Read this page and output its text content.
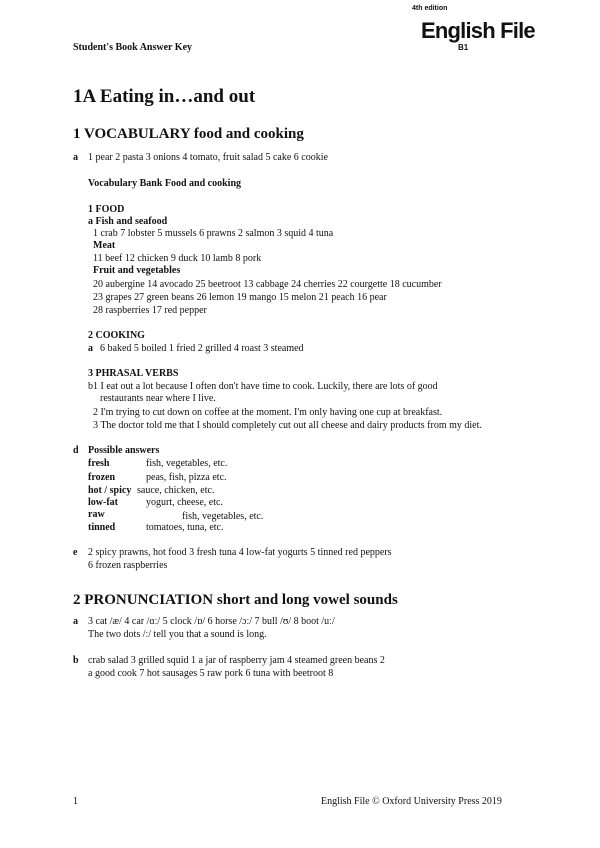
Student's Book Answer Key
4th edition
English File
B1
1A Eating in…and out
1 VOCABULARY food and cooking
a 1 pear 2 pasta 3 onions 4 tomato, fruit salad 5 cake 6 cookie
Vocabulary Bank Food and cooking
1 FOOD
a Fish and seafood
1 crab 7 lobster 5 mussels 6 prawns 2 salmon 3 squid 4 tuna
Meat
11 beef 12 chicken 9 duck 10 lamb 8 pork
Fruit and vegetables
20 aubergine 14 avocado 25 beetroot 13 cabbage 24 cherries 22 courgette 18 cucumber
23 grapes 27 green beans 26 lemon 19 mango 15 melon 21 peach 16 pear
28 raspberries 17 red pepper
2 COOKING
a 6 baked 5 boiled 1 fried 2 grilled 4 roast 3 steamed
3 PHRASAL VERBS
b1 I eat out a lot because I often don't have time to cook. Luckily, there are lots of good
restaurants near where I live.
2 I'm trying to cut down on coffee at the moment. I'm only having one cup at breakfast.
3 The doctor told me that I should completely cut out all cheese and dairy products from my diet.
d Possible answers
fresh	fish, vegetables, etc.
frozen	peas, fish, pizza etc.
hot / spicy sauce, chicken, etc.
low-fat	yogurt, cheese, etc.
raw	fish, vegetables, etc.
tinned	tomatoes, tuna, etc.
e 2 spicy prawns, hot food 3 fresh tuna 4 low-fat yogurts 5 tinned red peppers
6 frozen raspberries
2 PRONUNCIATION short and long vowel sounds
a 3 cat /æ/ 4 car /ɑː/ 5 clock /ɒ/ 6 horse /ɔː/ 7 bull /ʊ/ 8 boot /uː/
The two dots /ː/ tell you that a sound is long.
b crab salad 3 grilled squid 1 a jar of raspberry jam 4 steamed green beans 2
a good cook 7 hot sausages 5 raw pork 6 tuna with beetroot 8
1	English File © Oxford University Press 2019
